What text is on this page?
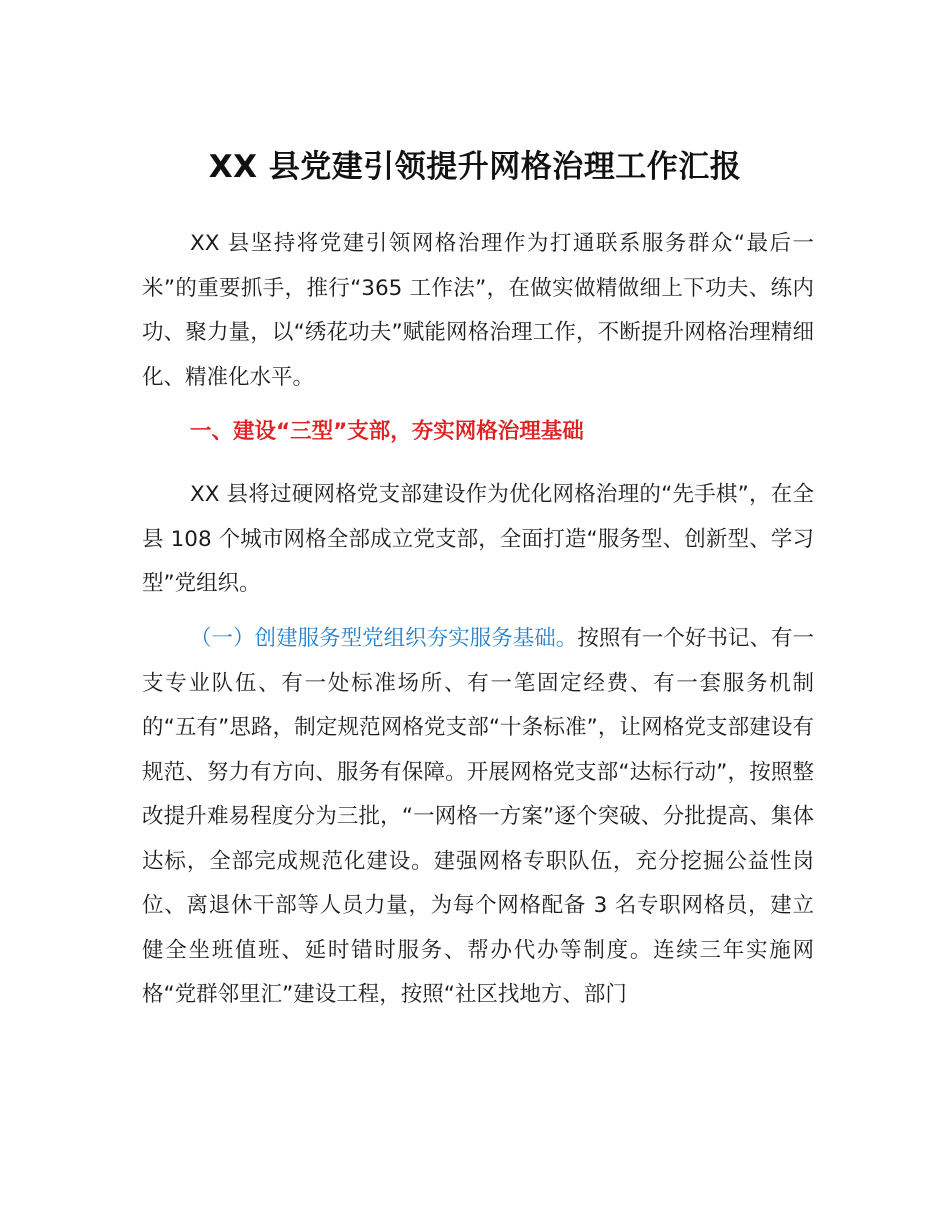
XX 县党建引领提升网格治理工作汇报

XX 县坚持将党建引领网格治理作为打通联系服务群众“最后一米”的重要抓手，推行“365 工作法”，在做实做精做细上下功夫、练内功、聚力量，以“绣花功夫”赋能网格治理工作，不断提升网格治理精细化、精准化水平。

一、建设“三型”支部，夯实网格治理基础

XX 县将过硬网格党支部建设作为优化网格治理的“先手棋”，在全县 108 个城市网格全部成立党支部，全面打造“服务型、创新型、学习型”党组织。

（一）创建服务型党组织夯实服务基础。按照有一个好书记、有一支专业队伍、有一处标准场所、有一笔固定经费、有一套服务机制的“五有”思路，制定规范网格党支部“十条标准”，让网格党支部建设有规范、努力有方向、服务有保障。开展网格党支部“达标行动”，按照整改提升难易程度分为三批，“一网格一方案”逐个突破、分批提高、集体达标，全部完成规范化建设。建强网格专职队伍，充分挖掘公益性岗位、离退休干部等人员力量，为每个网格配备 3 名专职网格员，建立健全坐班值班、延时错时服务、帮办代办等制度。连续三年实施网格“党群邻里汇”建设工程，按照“社区找地方、部门
